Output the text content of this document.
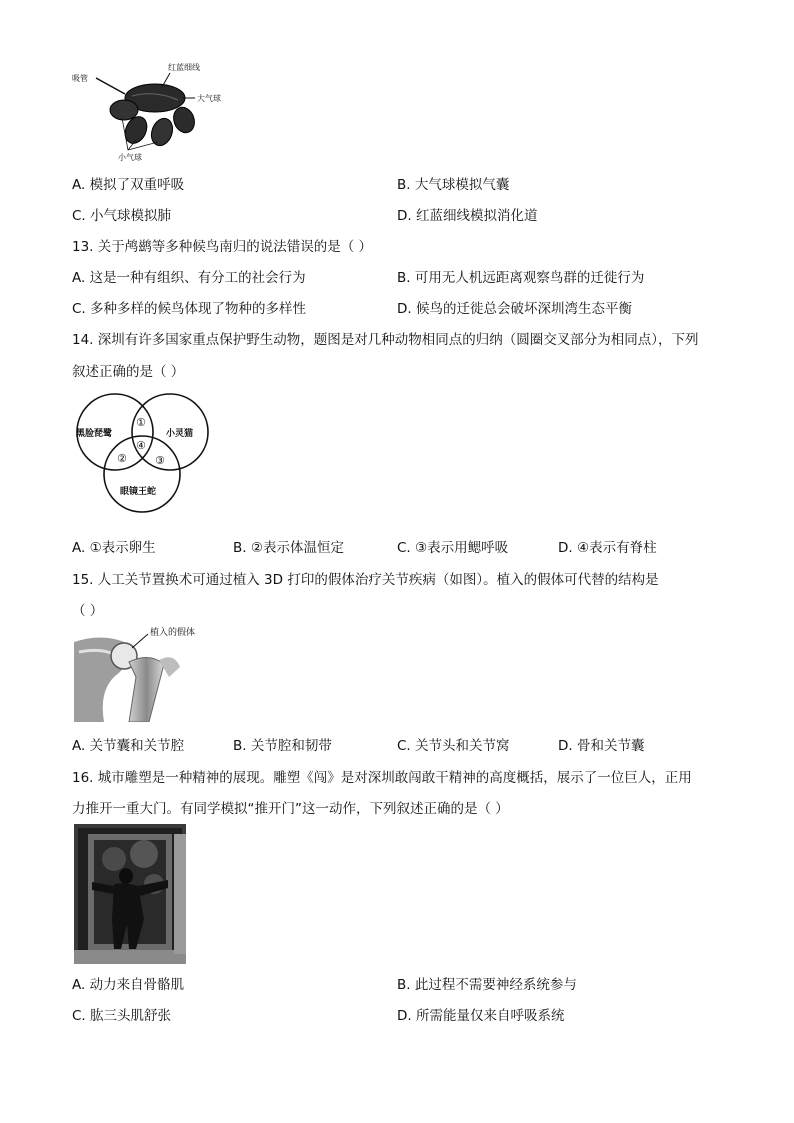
吸管
红蓝细线
大气球
小气球
A. 模拟了双重呼吸	B. 大气球模拟气囊
C. 小气球模拟肺	D. 红蓝细线模拟消化道
13. 关于鸬鹚等多种候鸟南归的说法错误的是（ ）
A. 这是一种有组织、有分工的社会行为	B. 可用无人机远距离观察鸟群的迁徙行为
C. 多种多样的候鸟体现了物种的多样性	D. 候鸟的迁徙总会破坏深圳湾生态平衡
14. 深圳有许多国家重点保护野生动物，题图是对几种动物相同点的归纳（圆圈交叉部分为相同点），下列
叙述正确的是（ ）
黑脸琵鹭	小灵猫
眼镜王蛇
①
②	③
④
A. ①表示卵生	B. ②表示体温恒定	C. ③表示用鳃呼吸	D. ④表示有脊柱
15. 人工关节置换术可通过植入 3D 打印的假体治疗关节疾病（如图）。植入的假体可代替的结构是
（ ）
植入的假体
A. 关节囊和关节腔	B. 关节腔和韧带	C. 关节头和关节窝	D. 骨和关节囊
16. 城市雕塑是一种精神的展现。雕塑《闯》是对深圳敢闯敢干精神的高度概括，展示了一位巨人，正用
力推开一重大门。有同学模拟“推开门”这一动作，下列叙述正确的是（ ）
A. 动力来自骨骼肌	B. 此过程不需要神经系统参与
C. 肱三头肌舒张	D. 所需能量仅来自呼吸系统
